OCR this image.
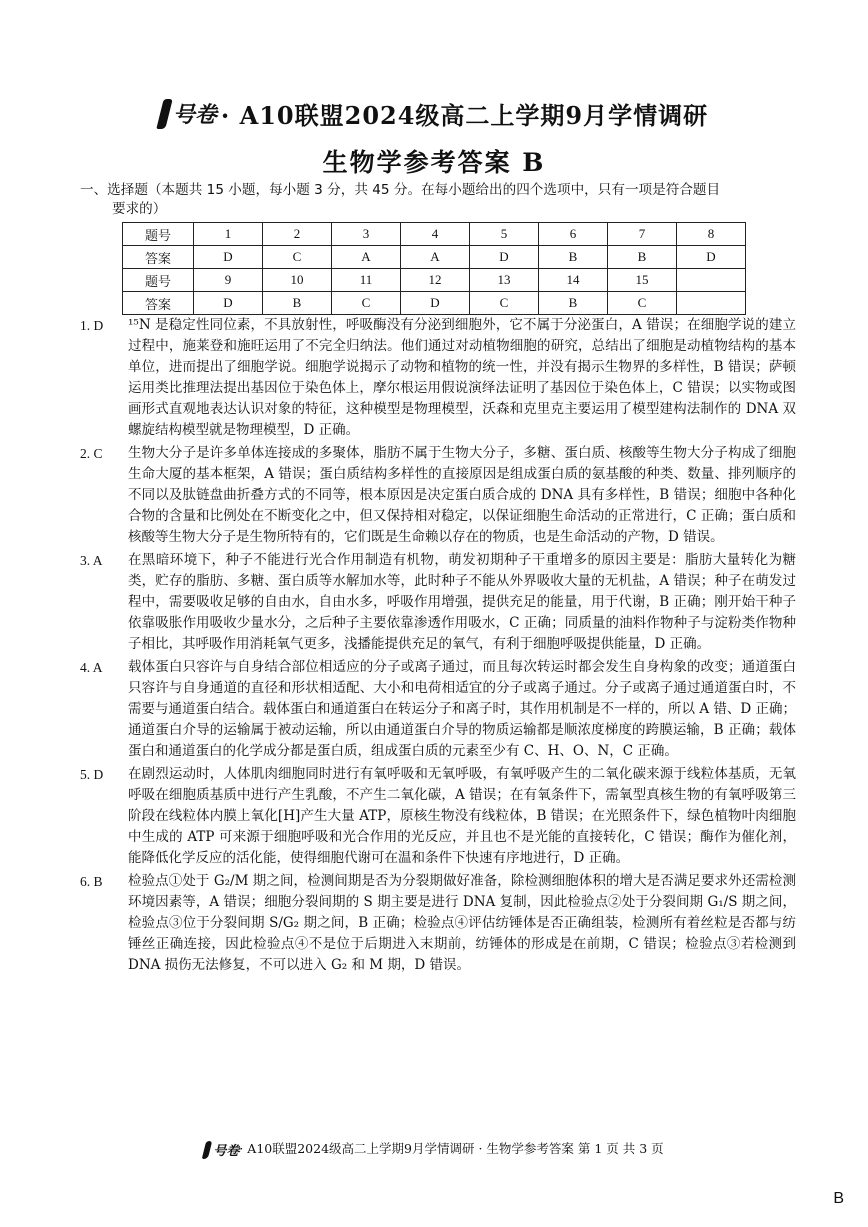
号卷 · A10联盟2024级高二上学期9月学情调研
生物学参考答案 B
一、选择题（本题共 15 小题，每小题 3 分，共 45 分。在每小题给出的四个选项中，只有一项是符合题目
要求的）
题号	1	2	3	4	5	6	7	8
答案	D	C	A	A	D	B	B	D
题号	9	10	11	12	13	14	15	
答案	D	B	C	D	C	B	C	
1. D	¹⁵N 是稳定性同位素，不具放射性，呼吸酶没有分泌到细胞外，它不属于分泌蛋白，A 错误；在细胞学说的建立过程中，施莱登和施旺运用了不完全归纳法。他们通过对动植物细胞的研究，总结出了细胞是动植物结构的基本单位，进而提出了细胞学说。细胞学说揭示了动物和植物的统一性，并没有揭示生物界的多样性，B 错误；萨顿运用类比推理法提出基因位于染色体上，摩尔根运用假说演绎法证明了基因位于染色体上，C 错误；以实物或图画形式直观地表达认识对象的特征，这种模型是物理模型，沃森和克里克主要运用了模型建构法制作的 DNA 双螺旋结构模型就是物理模型，D 正确。
2. C	生物大分子是许多单体连接成的多聚体，脂肪不属于生物大分子，多糖、蛋白质、核酸等生物大分子构成了细胞生命大厦的基本框架，A 错误；蛋白质结构多样性的直接原因是组成蛋白质的氨基酸的种类、数量、排列顺序的不同以及肽链盘曲折叠方式的不同等，根本原因是决定蛋白质合成的 DNA 具有多样性，B 错误；细胞中各种化合物的含量和比例处在不断变化之中，但又保持相对稳定，以保证细胞生命活动的正常进行，C 正确；蛋白质和核酸等生物大分子是生物所特有的，它们既是生命赖以存在的物质，也是生命活动的产物，D 错误。
3. A	在黑暗环境下，种子不能进行光合作用制造有机物，萌发初期种子干重增多的原因主要是：脂肪大量转化为糖类，贮存的脂肪、多糖、蛋白质等水解加水等，此时种子不能从外界吸收大量的无机盐，A 错误；种子在萌发过程中，需要吸收足够的自由水，自由水多，呼吸作用增强，提供充足的能量，用于代谢，B 正确；刚开始干种子依靠吸胀作用吸收少量水分，之后种子主要依靠渗透作用吸水，C 正确；同质量的油料作物种子与淀粉类作物种子相比，其呼吸作用消耗氧气更多，浅播能提供充足的氧气，有利于细胞呼吸提供能量，D 正确。
4. A	载体蛋白只容许与自身结合部位相适应的分子或离子通过，而且每次转运时都会发生自身构象的改变；通道蛋白只容许与自身通道的直径和形状相适配、大小和电荷相适宜的分子或离子通过。分子或离子通过通道蛋白时，不需要与通道蛋白结合。载体蛋白和通道蛋白在转运分子和离子时，其作用机制是不一样的，所以 A 错、D 正确；通道蛋白介导的运输属于被动运输，所以由通道蛋白介导的物质运输都是顺浓度梯度的跨膜运输，B 正确；载体蛋白和通道蛋白的化学成分都是蛋白质，组成蛋白质的元素至少有 C、H、O、N，C 正确。
5. D	在剧烈运动时，人体肌肉细胞同时进行有氧呼吸和无氧呼吸，有氧呼吸产生的二氧化碳来源于线粒体基质，无氧呼吸在细胞质基质中进行产生乳酸，不产生二氧化碳，A 错误；在有氧条件下，需氧型真核生物的有氧呼吸第三阶段在线粒体内膜上氧化[H]产生大量 ATP，原核生物没有线粒体，B 错误；在光照条件下，绿色植物叶肉细胞中生成的 ATP 可来源于细胞呼吸和光合作用的光反应，并且也不是光能的直接转化，C 错误；酶作为催化剂，能降低化学反应的活化能，使得细胞代谢可在温和条件下快速有序地进行，D 正确。
6. B	检验点①处于 G₂/M 期之间，检测间期是否为分裂期做好准备，除检测细胞体积的增大是否满足要求外还需检测环境因素等，A 错误；细胞分裂间期的 S 期主要是进行 DNA 复制，因此检验点②处于分裂间期 G₁/S 期之间，检验点③位于分裂间期 S/G₂ 期之间，B 正确；检验点④评估纺锤体是否正确组装，检测所有着丝粒是否都与纺锤丝正确连接，因此检验点④不是位于后期进入末期前，纺锤体的形成是在前期，C 错误；检验点③若检测到 DNA 损伤无法修复，不可以进入 G₂ 和 M 期，D 错误。
号卷· A10联盟2024级高二上学期9月学情调研 · 生物学参考答案 第 1 页 共 3 页
B
